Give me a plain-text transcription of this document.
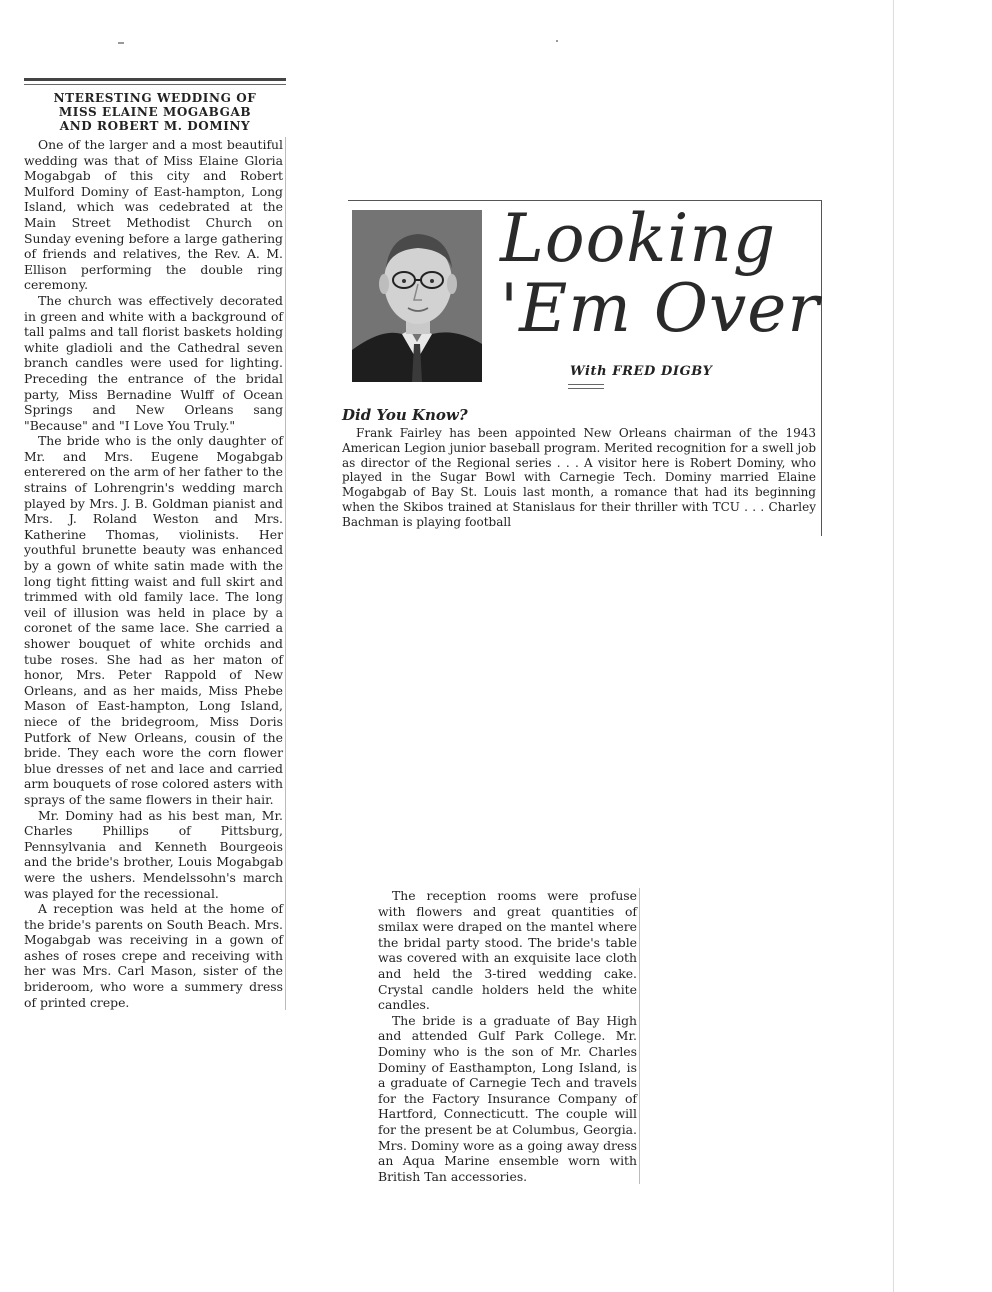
NTERESTING WEDDING OF
MISS ELAINE MOGABGAB
AND ROBERT M. DOMINY

One of the larger and a most beautiful wedding was that of Miss Elaine Gloria Mogabgab of this city and Robert Mulford Dominy of East-hampton, Long Island, which was cedebrated at the Main Street Methodist Church on Sunday evening before a large gathering of friends and relatives, the Rev. A. M. Ellison performing the double ring ceremony.

The church was effectively decorated in green and white with a background of tall palms and tall florist baskets holding white gladioli and the Cathedral seven branch candles were used for lighting. Preceding the entrance of the bridal party, Miss Bernadine Wulff of Ocean Springs and New Orleans sang "Because" and "I Love You Truly."

The bride who is the only daughter of Mr. and Mrs. Eugene Mogabgab enterered on the arm of her father to the strains of Lohrengrin's wedding march played by Mrs. J. B. Goldman pianist and Mrs. J. Roland Weston and Mrs. Katherine Thomas, violinists. Her youthful brunette beauty was enhanced by a gown of white satin made with the long tight fitting waist and full skirt and trimmed with old family lace. The long veil of illusion was held in place by a coronet of the same lace. She carried a shower bouquet of white orchids and tube roses. She had as her maton of honor, Mrs. Peter Rappold of New Orleans, and as her maids, Miss Phebe Mason of East-hampton, Long Island, niece of the bridegroom, Miss Doris Putfork of New Orleans, cousin of the bride. They each wore the corn flower blue dresses of net and lace and carried arm bouquets of rose colored asters with sprays of the same flowers in their hair.

Mr. Dominy had as his best man, Mr. Charles Phillips of Pittsburg, Pennsylvania and Kenneth Bourgeois and the bride's brother, Louis Mogabgab were the ushers. Mendelssohn's march was played for the recessional.

A reception was held at the home of the bride's parents on South Beach. Mrs. Mogabgab was receiving in a gown of ashes of roses crepe and receiving with her was Mrs. Carl Mason, sister of the brideroom, who wore a summery dress of printed crepe.

Looking
'Em Over
With FRED DIGBY
Did You Know?

Frank Fairley has been appointed New Orleans chairman of the 1943 American Legion junior baseball program. Merited recognition for a swell job as director of the Regional series . . . A visitor here is Robert Dominy, who played in the Sugar Bowl with Carnegie Tech. Dominy married Elaine Mogabgab of Bay St. Louis last month, a romance that had its beginning when the Skibos trained at Stanislaus for their thriller with TCU . . . Charley Bachman is playing football

The reception rooms were profuse with flowers and great quantities of smilax were draped on the mantel where the bridal party stood. The bride's table was covered with an exquisite lace cloth and held the 3-tired wedding cake. Crystal candle holders held the white candles.

The bride is a graduate of Bay High and attended Gulf Park College. Mr. Dominy who is the son of Mr. Charles Dominy of Easthampton, Long Island, is a graduate of Carnegie Tech and travels for the Factory Insurance Company of Hartford, Connecticutt. The couple will for the present be at Columbus, Georgia. Mrs. Dominy wore as a going away dress an Aqua Marine ensemble worn with British Tan accessories.
